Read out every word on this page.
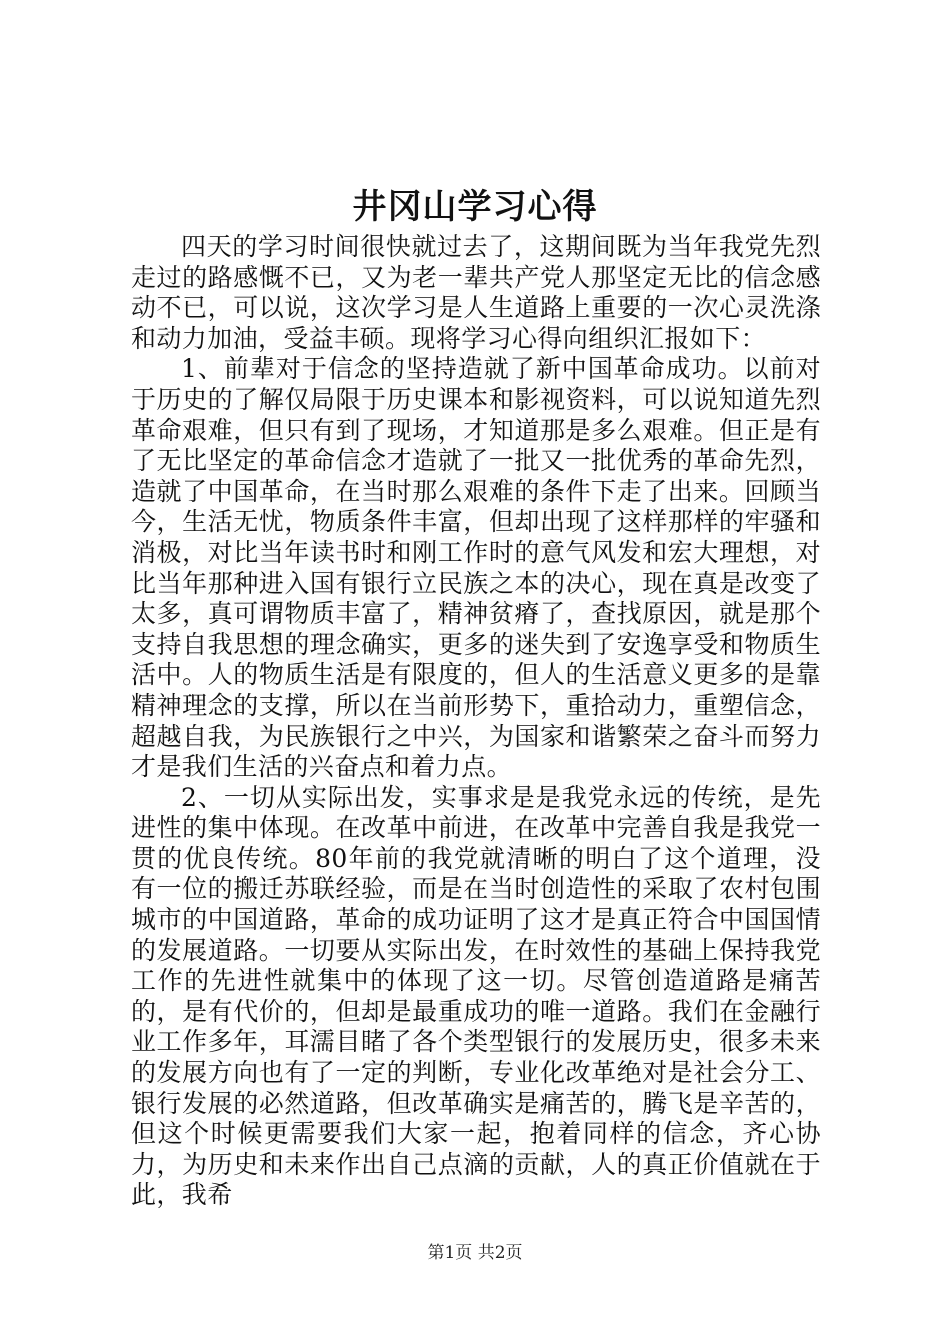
井冈山学习心得

四天的学习时间很快就过去了，这期间既为当年我党先烈走过的路感慨不已，又为老一辈共产党人那坚定无比的信念感动不已，可以说，这次学习是人生道路上重要的一次心灵洗涤和动力加油，受益丰硕。现将学习心得向组织汇报如下：

1、前辈对于信念的坚持造就了新中国革命成功。以前对于历史的了解仅局限于历史课本和影视资料，可以说知道先烈革命艰难，但只有到了现场，才知道那是多么艰难。但正是有了无比坚定的革命信念才造就了一批又一批优秀的革命先烈，造就了中国革命，在当时那么艰难的条件下走了出来。回顾当今，生活无忧，物质条件丰富，但却出现了这样那样的牢骚和消极，对比当年读书时和刚工作时的意气风发和宏大理想，对比当年那种进入国有银行立民族之本的决心，现在真是改变了太多，真可谓物质丰富了，精神贫瘠了，查找原因，就是那个支持自我思想的理念确实，更多的迷失到了安逸享受和物质生活中。人的物质生活是有限度的，但人的生活意义更多的是靠精神理念的支撑，所以在当前形势下，重拾动力，重塑信念，超越自我，为民族银行之中兴，为国家和谐繁荣之奋斗而努力才是我们生活的兴奋点和着力点。

2、一切从实际出发，实事求是是我党永远的传统，是先进性的集中体现。在改革中前进，在改革中完善自我是我党一贯的优良传统。80年前的我党就清晰的明白了这个道理，没有一位的搬迁苏联经验，而是在当时创造性的采取了农村包围城市的中国道路，革命的成功证明了这才是真正符合中国国情的发展道路。一切要从实际出发，在时效性的基础上保持我党工作的先进性就集中的体现了这一切。尽管创造道路是痛苦的，是有代价的，但却是最重成功的唯一道路。我们在金融行业工作多年，耳濡目睹了各个类型银行的发展历史，很多未来的发展方向也有了一定的判断，专业化改革绝对是社会分工、银行发展的必然道路，但改革确实是痛苦的，腾飞是辛苦的，但这个时候更需要我们大家一起，抱着同样的信念，齐心协力，为历史和未来作出自己点滴的贡献，人的真正价值就在于此，我希

第1页 共2页
